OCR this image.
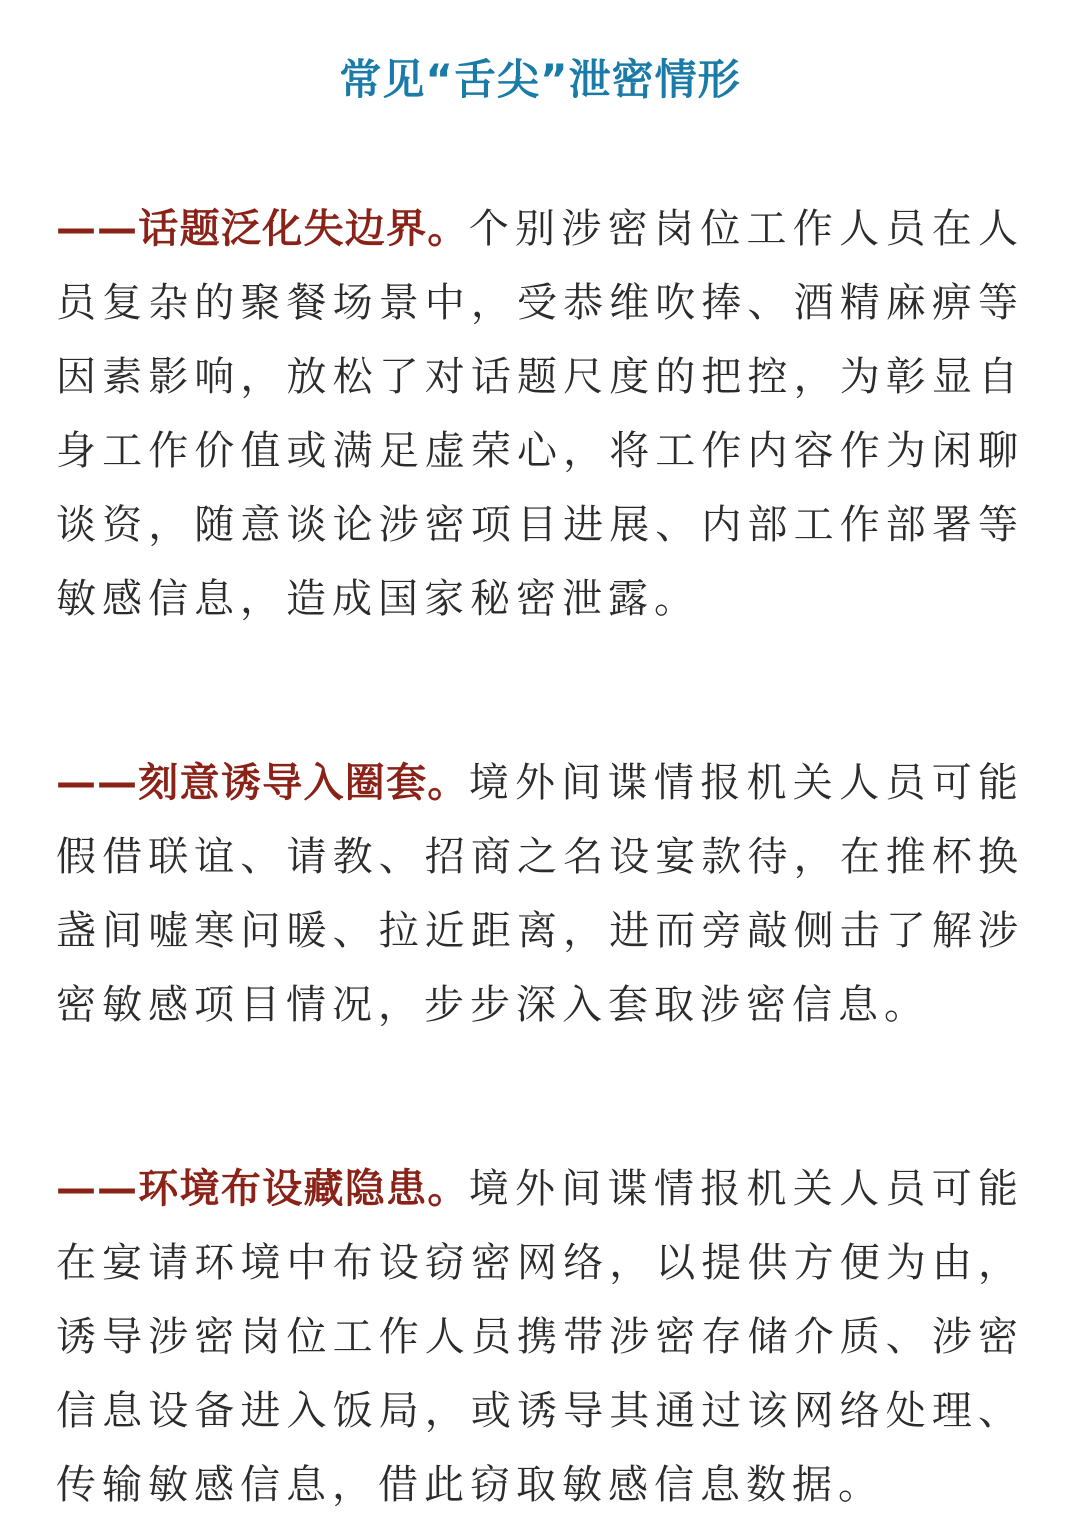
常见“舌尖”泄密情形

——话题泛化失边界。个别涉密岗位工作人员在人员复杂的聚餐场景中，受恭维吹捧、酒精麻痹等因素影响，放松了对话题尺度的把控，为彰显自身工作价值或满足虚荣心，将工作内容作为闲聊谈资，随意谈论涉密项目进展、内部工作部署等敏感信息，造成国家秘密泄露。

——刻意诱导入圈套。境外间谍情报机关人员可能假借联谊、请教、招商之名设宴款待，在推杯换盏间嘘寒问暖、拉近距离，进而旁敲侧击了解涉密敏感项目情况，步步深入套取涉密信息。

——环境布设藏隐患。境外间谍情报机关人员可能在宴请环境中布设窃密网络，以提供方便为由，诱导涉密岗位工作人员携带涉密存储介质、涉密信息设备进入饭局，或诱导其通过该网络处理、传输敏感信息，借此窃取敏感信息数据。
